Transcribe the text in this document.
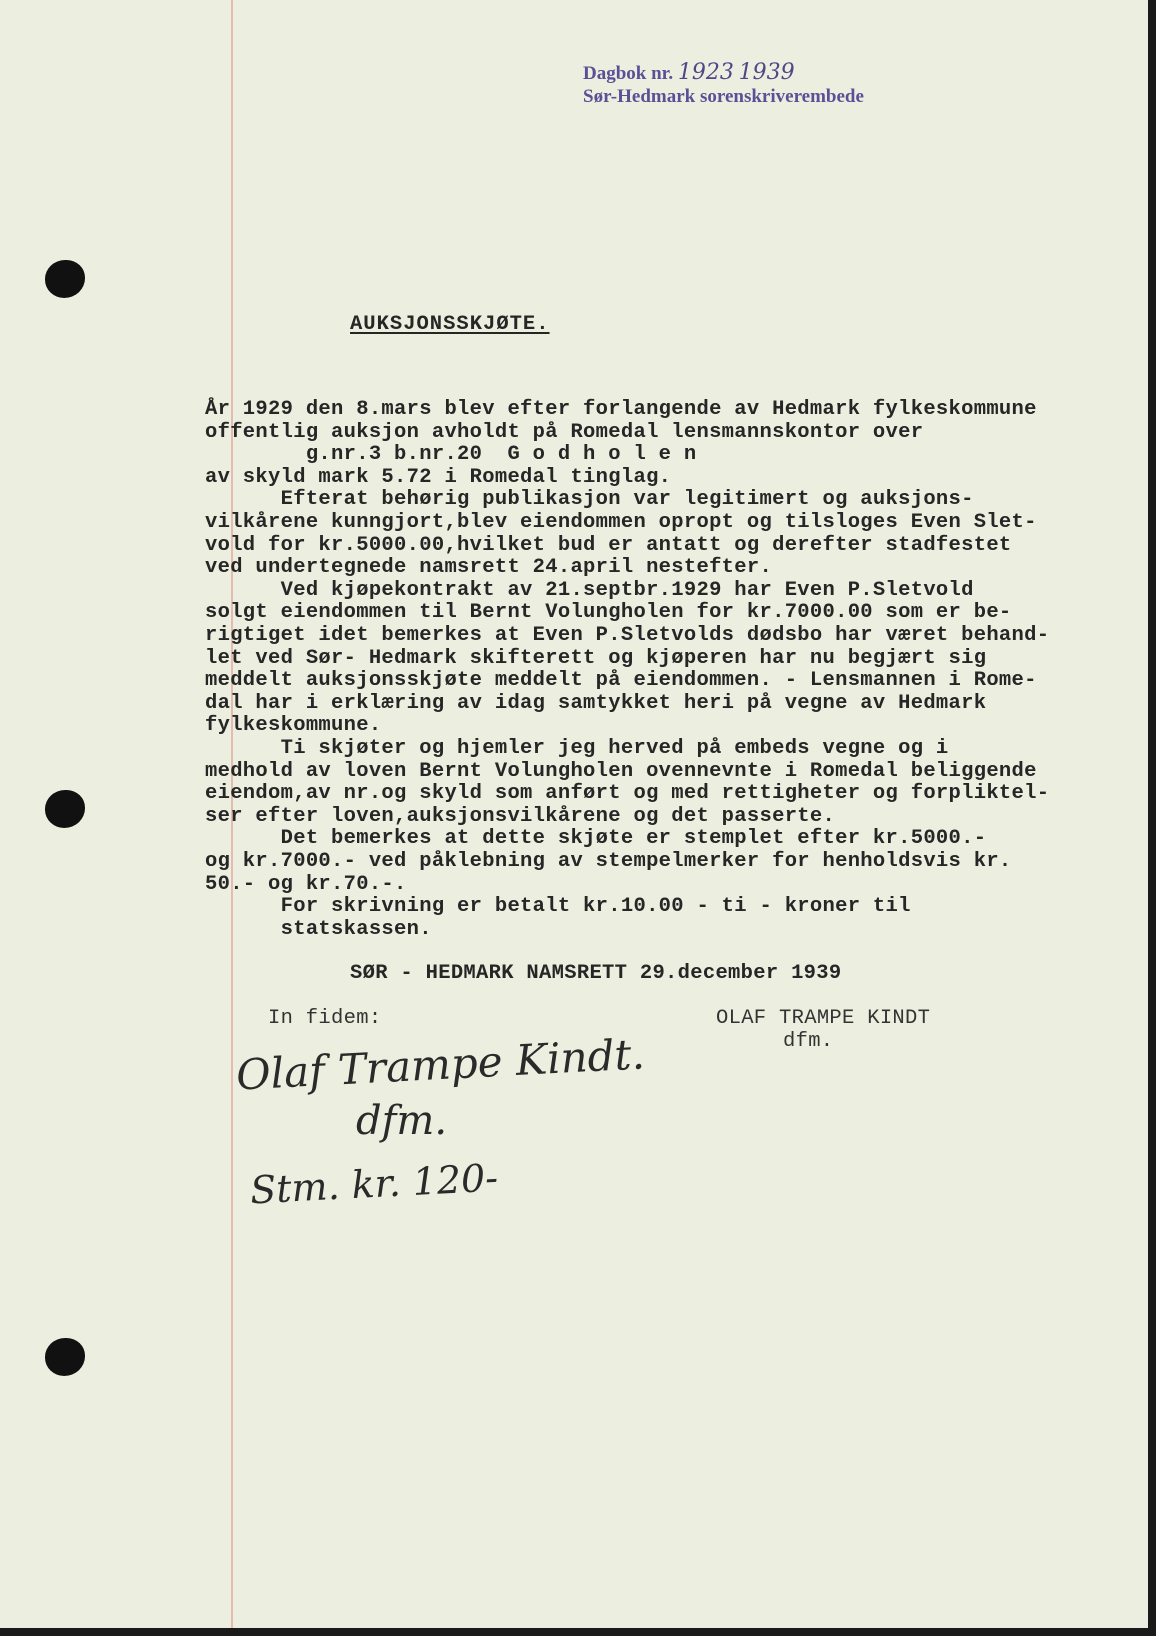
Dagbok nr. 1923 1939
Sør-Hedmark sorenskriverembede
AUKSJONSSKJØTE.
År 1929 den 8.mars blev efter forlangende av Hedmark fylkeskommune
offentlig auksjon avholdt på Romedal lensmannskontor over
g.nr.3 b.nr.20  G o d h o l e n
av skyld mark 5.72 i Romedal tinglag.
Efterat behørig publikasjon var legitimert og auksjons-
vilkårene kunngjort,blev eiendommen opropt og tilsloges Even Slet-
vold for kr.5000.00,hvilket bud er antatt og derefter stadfestet
ved undertegnede namsrett 24.april nestefter.
Ved kjøpekontrakt av 21.septbr.1929 har Even P.Sletvold
solgt eiendommen til Bernt Volungholen for kr.7000.00 som er be-
rigtiget idet bemerkes at Even P.Sletvolds dødsbo har været behand-
let ved Sør- Hedmark skifterett og kjøperen har nu begjært sig
meddelt auksjonsskjøte meddelt på eiendommen. - Lensmannen i Rome-
dal har i erklæring av idag samtykket heri på vegne av Hedmark
fylkeskommune.
Ti skjøter og hjemler jeg herved på embeds vegne og i
medhold av loven Bernt Volungholen ovennevnte i Romedal beliggende
eiendom,av nr.og skyld som anført og med rettigheter og forpliktel-
ser efter loven,auksjonsvilkårene og det passerte.
Det bemerkes at dette skjøte er stemplet efter kr.5000.-
og kr.7000.- ved påklebning av stempelmerker for henholdsvis kr.
50.- og kr.70.-.
For skrivning er betalt kr.10.00 - ti - kroner til
statskassen.
SØR - HEDMARK NAMSRETT 29.december 1939
In fidem:	OLAF TRAMPE KINDT
dfm.
Olaf Trampe Kindt.
dfm.
Stm. kr. 120-
